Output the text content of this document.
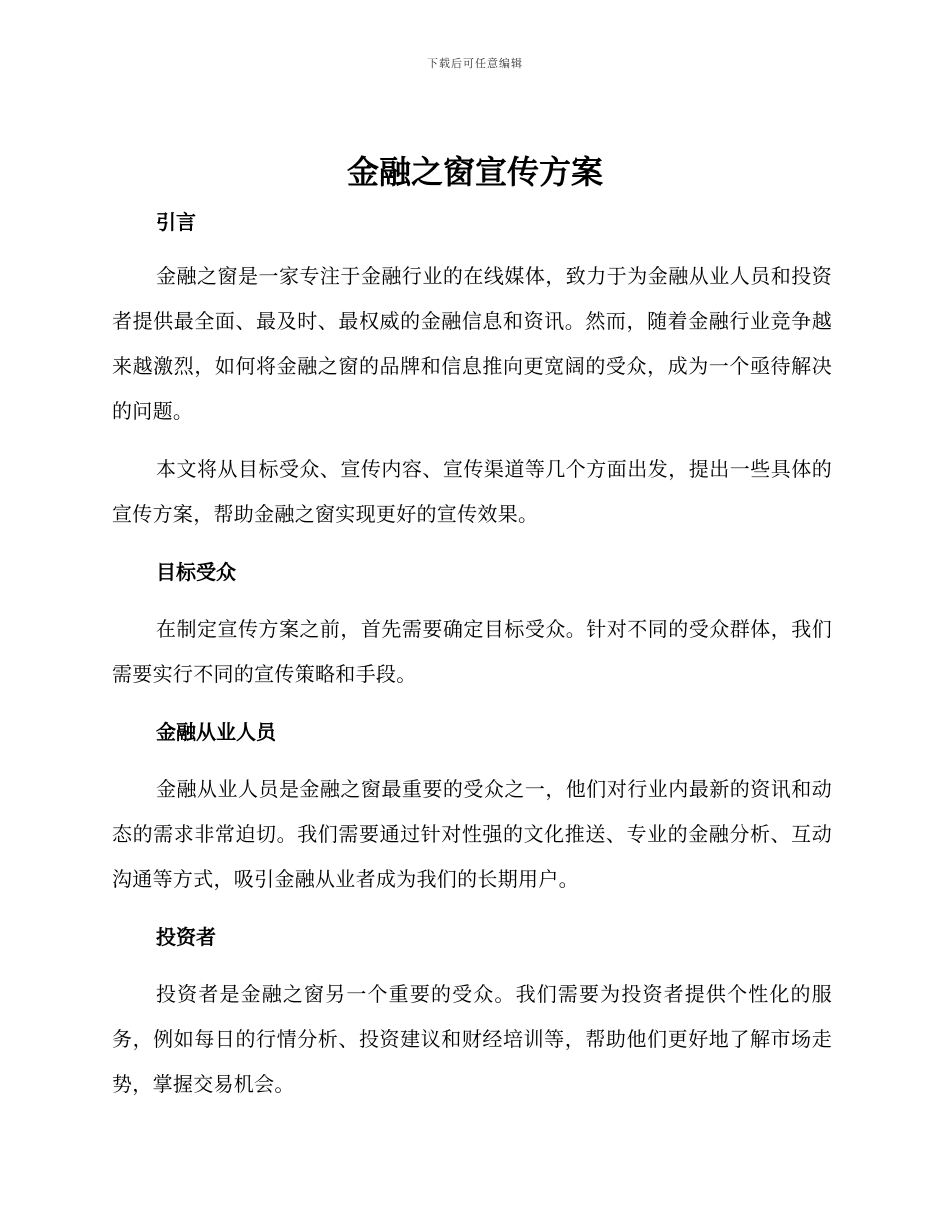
下载后可任意编辑
金融之窗宣传方案
引言

金融之窗是一家专注于金融行业的在线媒体，致力于为金融从业人员和投资者提供最全面、最及时、最权威的金融信息和资讯。然而，随着金融行业竞争越来越激烈，如何将金融之窗的品牌和信息推向更宽阔的受众，成为一个亟待解决的问题。

本文将从目标受众、宣传内容、宣传渠道等几个方面出发，提出一些具体的宣传方案，帮助金融之窗实现更好的宣传效果。

目标受众

在制定宣传方案之前，首先需要确定目标受众。针对不同的受众群体，我们需要实行不同的宣传策略和手段。

金融从业人员

金融从业人员是金融之窗最重要的受众之一，他们对行业内最新的资讯和动态的需求非常迫切。我们需要通过针对性强的文化推送、专业的金融分析、互动沟通等方式，吸引金融从业者成为我们的长期用户。

投资者

投资者是金融之窗另一个重要的受众。我们需要为投资者提供个性化的服务，例如每日的行情分析、投资建议和财经培训等，帮助他们更好地了解市场走势，掌握交易机会。
